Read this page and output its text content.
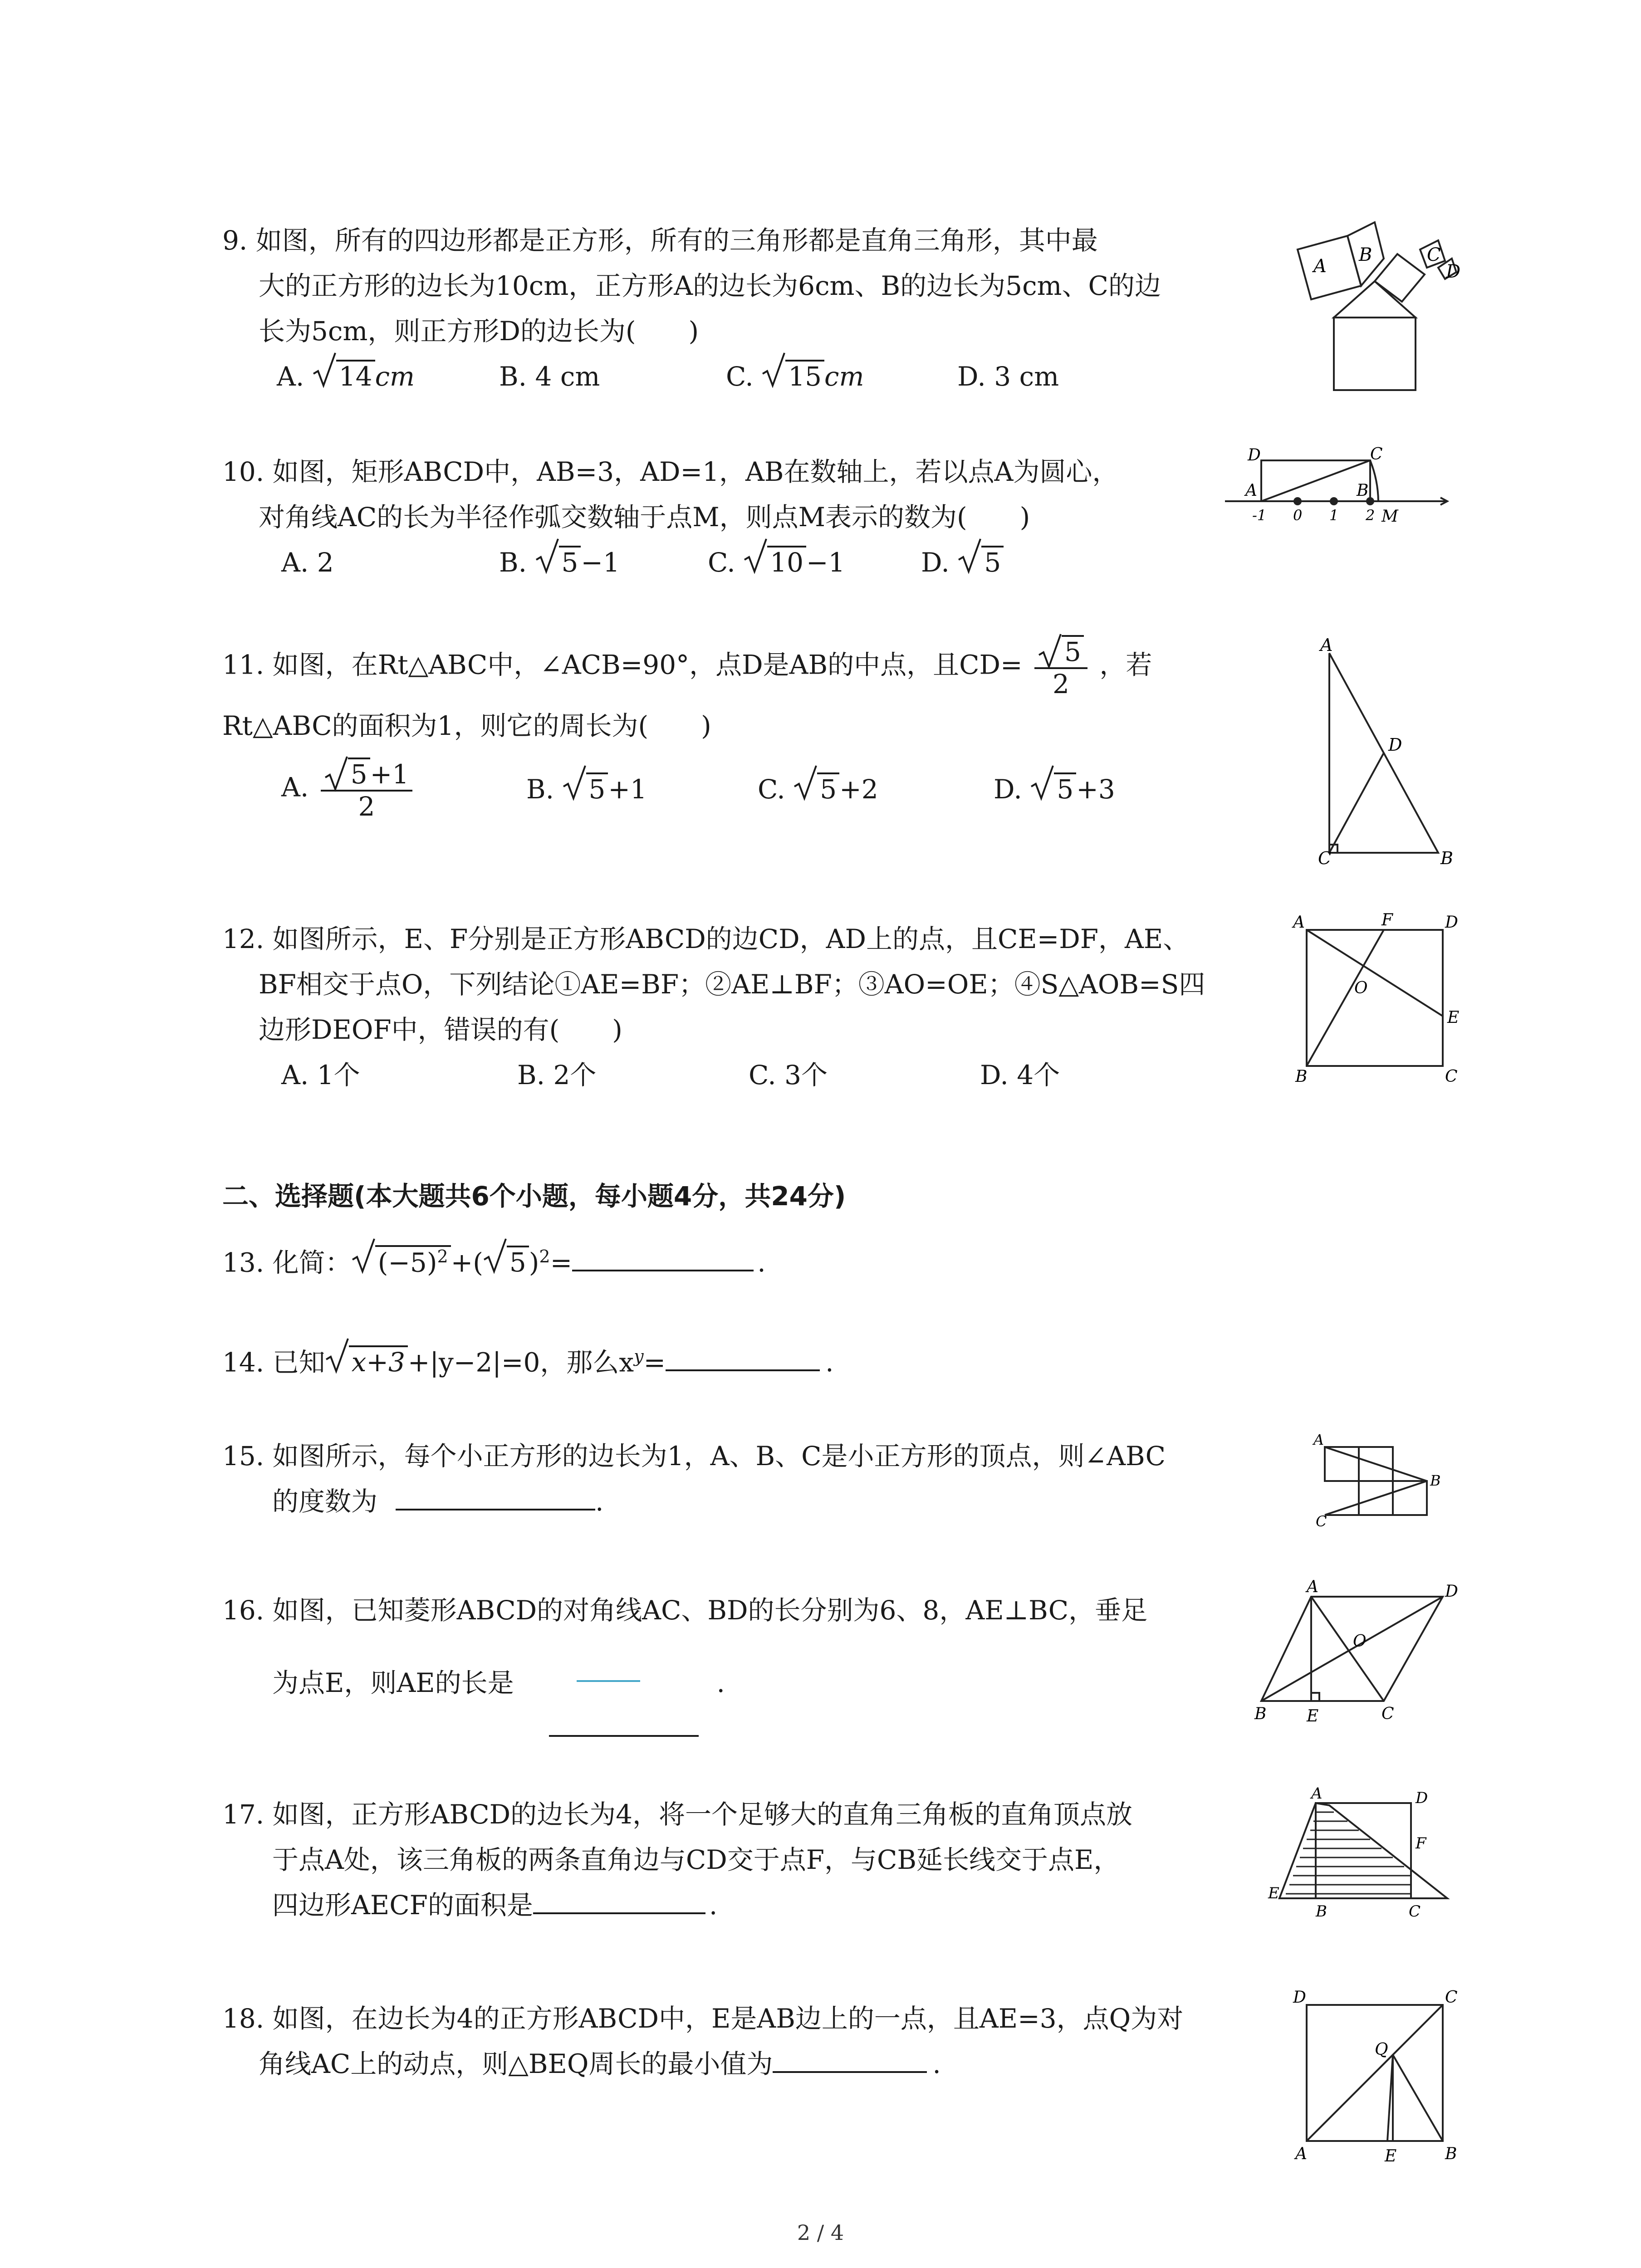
9. 如图，所有的四边形都是正方形，所有的三角形都是直角三角形，其中最
大的正方形的边长为10cm，正方形A的边长为6cm、B的边长为5cm、C的边
长为5cm，则正方形D的边长为(　　)
A. 14 cm	B. 4 cm	C. 15 cm	D. 3 cm
A
B	C
D
10. 如图，矩形ABCD中，AB=3，AD=1，AB在数轴上，若以点A为圆心，
对角线AC的长为半径作弧交数轴于点M，则点M表示的数为(　　)
A. 2	B. 5 −1	C. 10 −1	D. 5
D	C
A	B
-1 0 1 2 M
11. 如图，在Rt△ABC中，∠ACB=90°，点D是AB的中点，且$CD= \frac{5}{2}$ ，若
Rt△ABC的面积为1，则它的周长为(　　)
A. $\frac{5 +1}{2}$	B. 5 +1	C. 5 +2	D. 5 +3
A
D
C	B
12. 如图所示，E、F分别是正方形ABCD的边CD，AD上的点，且CE=DF，AE、
BF相交于点O，下列结论①AE=BF；②AE⊥BF；③AO=OE；④S△AOB=S四
边形DEOF中，错误的有(　　)
A. 1个	B. 2个	C. 3个	D. 4个
A	F	D
O
E
B	C
二、选择题(本大题共6个小题，每小题4分，共24分)
13. 化简： $(-5)^2$ +( 5 )$^2$=	.
14. 已知 x+3 +|y−2|=0，那么$x^y=$	.
15. 如图所示，每个小正方形的边长为1，A、B、C是小正方形的顶点，则∠ABC
的度数为	.
A
B
C
16. 如图，已知菱形ABCD的对角线AC、BD的长分别为6、8，AE⊥BC，垂足
为点E，则AE的长是	.
A	D
O
B E	C
17. 如图，正方形ABCD的边长为4，将一个足够大的直角三角板的直角顶点放
于点A处，该三角板的两条直角边与CD交于点F，与CB延长线交于点E，
四边形AECF的面积是	.
A	D
F
E
B	C
18. 如图，在边长为4的正方形ABCD中，E是AB边上的一点，且AE=3，点Q为对
角线AC上的动点，则△BEQ周长的最小值为	.
D	C
Q
A	E	B
2 / 4
